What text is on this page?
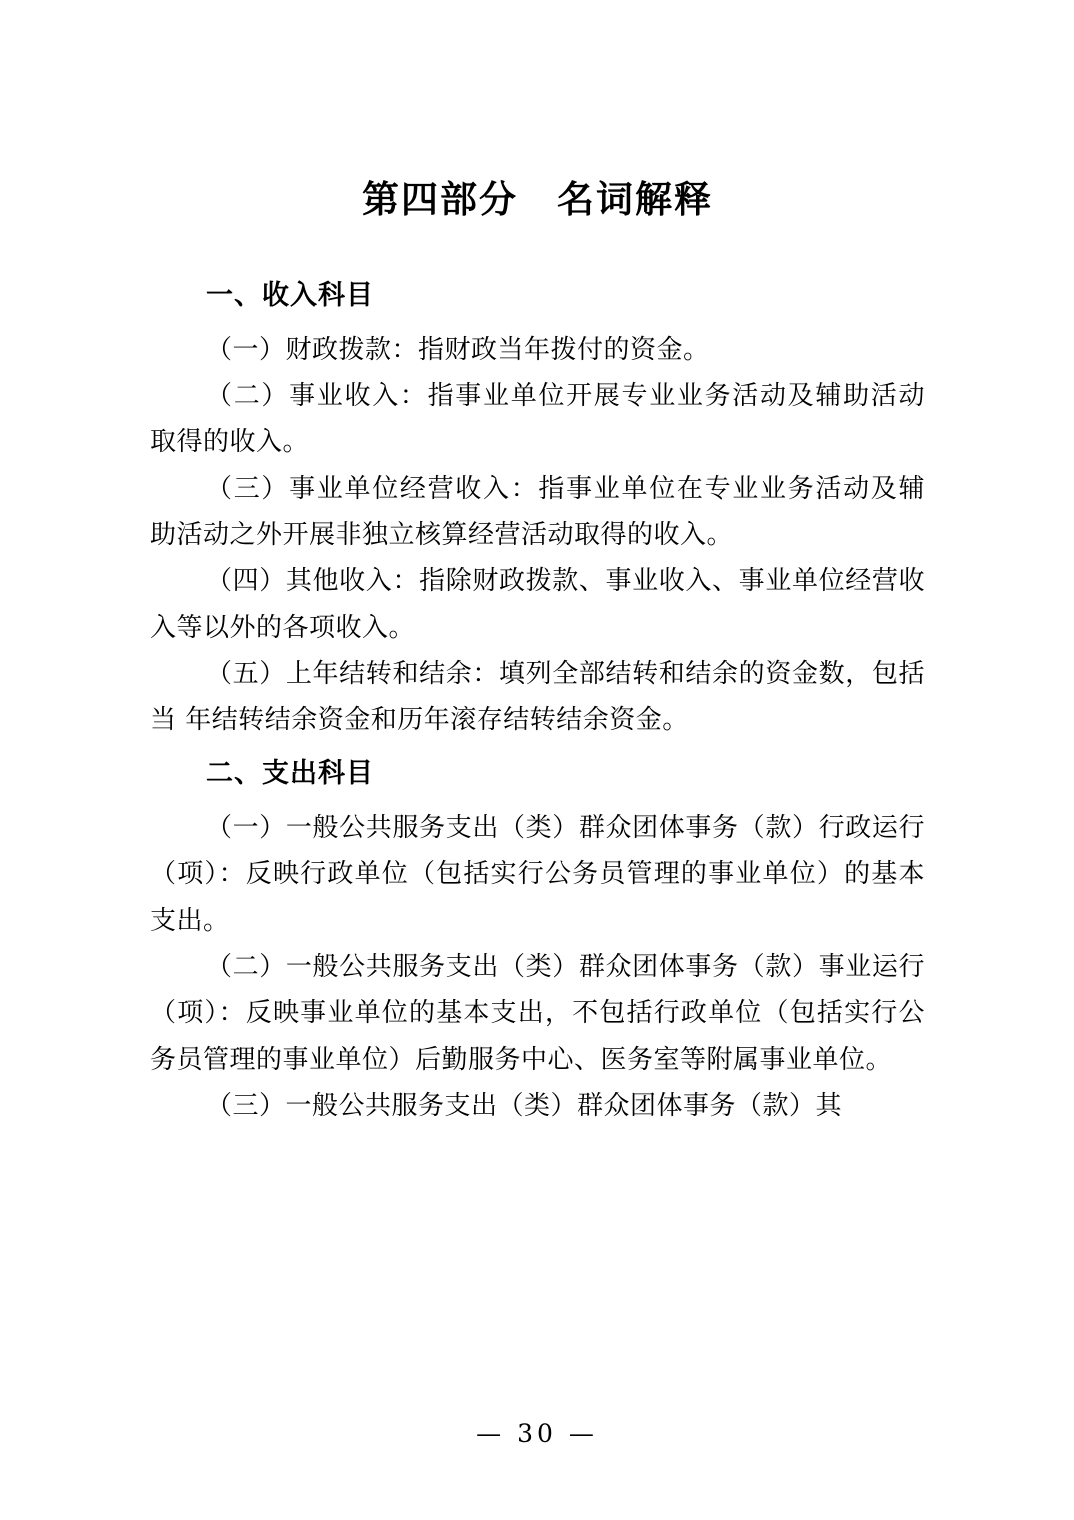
第四部分　名词解释
一、收入科目

（一）财政拨款：指财政当年拨付的资金。

（二）事业收入：指事业单位开展专业业务活动及辅助活动 取得的收入。

（三）事业单位经营收入：指事业单位在专业业务活动及辅 助活动之外开展非独立核算经营活动取得的收入。

（四）其他收入：指除财政拨款、事业收入、事业单位经营收入等以外的各项收入。

（五）上年结转和结余：填列全部结转和结余的资金数，包括当 年结转结余资金和历年滚存结转结余资金。

二、支出科目

（一）一般公共服务支出（类）群众团体事务（款）行政运行（项）：反映行政单位（包括实行公务员管理的事业单位）的基本支出。

（二）一般公共服务支出（类）群众团体事务（款）事业运行（项）：反映事业单位的基本支出，不包括行政单位（包括实行公务员管理的事业单位）后勤服务中心、医务室等附属事业单位。

（三）一般公共服务支出（类）群众团体事务（款）其

— 30 —
